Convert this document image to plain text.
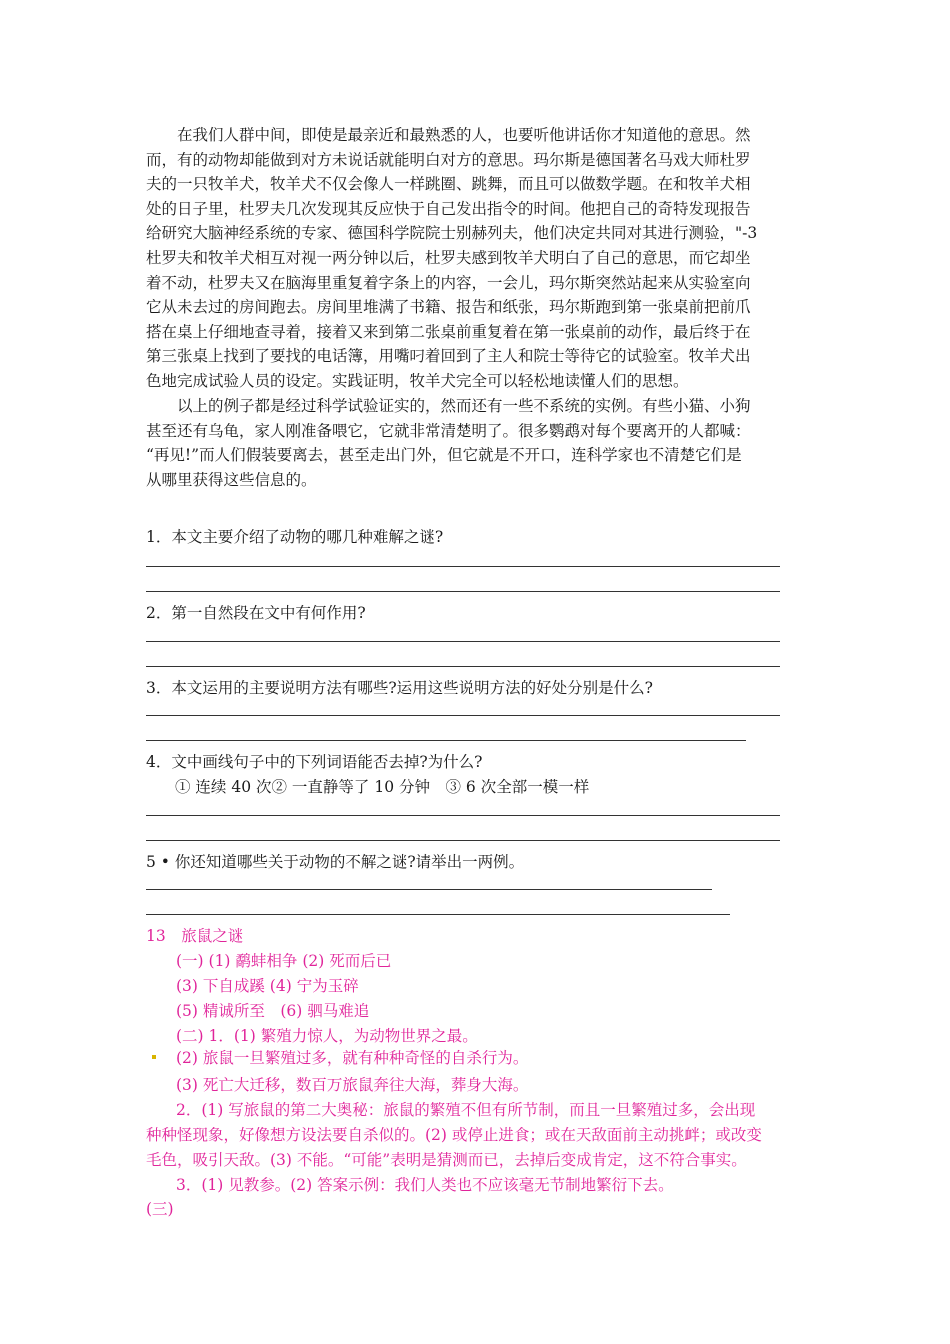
在我们人群中间，即使是最亲近和最熟悉的人，也要听他讲话你才知道他的意思。然
而，有的动物却能做到对方未说话就能明白对方的意思。玛尔斯是德国著名马戏大师杜罗
夫的一只牧羊犬，牧羊犬不仅会像人一样跳圈、跳舞，而且可以做数学题。在和牧羊犬相
处的日子里，杜罗夫几次发现其反应快于自己发出指令的时间。他把自己的奇特发现报告
给研究大脑神经系统的专家、德国科学院院士别赫列夫，他们决定共同对其进行测验，"-3
杜罗夫和牧羊犬相互对视一两分钟以后，杜罗夫感到牧羊犬明白了自己的意思，而它却坐
着不动，杜罗夫又在脑海里重复着字条上的内容，一会儿，玛尔斯突然站起来从实验室向
它从未去过的房间跑去。房间里堆满了书籍、报告和纸张，玛尔斯跑到第一张桌前把前爪
搭在桌上仔细地查寻着，接着又来到第二张桌前重复着在第一张桌前的动作，最后终于在
第三张桌上找到了要找的电话簿，用嘴叼着回到了主人和院士等待它的试验室。牧羊犬出
色地完成试验人员的设定。实践证明，牧羊犬完全可以轻松地读懂人们的思想。
以上的例子都是经过科学试验证实的，然而还有一些不系统的实例。有些小猫、小狗
甚至还有乌龟，家人刚准备喂它，它就非常清楚明了。很多鹦鹉对每个要离开的人都喊：
“再见!”而人们假装要离去，甚至走出门外，但它就是不开口，连科学家也不清楚它们是
从哪里获得这些信息的。

1．本文主要介绍了动物的哪几种难解之谜?

2．第一自然段在文中有何作用?

3．本文运用的主要说明方法有哪些?运用这些说明方法的好处分别是什么?

4．文中画线句子中的下列词语能否去掉?为什么?

① 连续 40 次② 一直静等了 10 分钟　③ 6 次全部一模一样

5 • 你还知道哪些关于动物的不解之谜?请举出一两例。

13　旅鼠之谜

(一) (1) 鹬蚌相争 (2) 死而后已

(3) 下自成蹊 (4) 宁为玉碎

(5) 精诚所至　(6) 驷马难追

(二) 1．(1) 繁殖力惊人，为动物世界之最。

(2) 旅鼠一旦繁殖过多，就有种种奇怪的自杀行为。

(3) 死亡大迁移，数百万旅鼠奔往大海，葬身大海。

2．(1) 写旅鼠的第二大奥秘：旅鼠的繁殖不但有所节制，而且一旦繁殖过多，会出现

种种怪现象，好像想方设法要自杀似的。(2) 或停止进食；或在天敌面前主动挑衅；或改变

毛色，吸引天敌。(3) 不能。“可能”表明是猜测而已，去掉后变成肯定，这不符合事实。

3．(1) 见教参。(2) 答案示例：我们人类也不应该毫无节制地繁衍下去。

(三)
